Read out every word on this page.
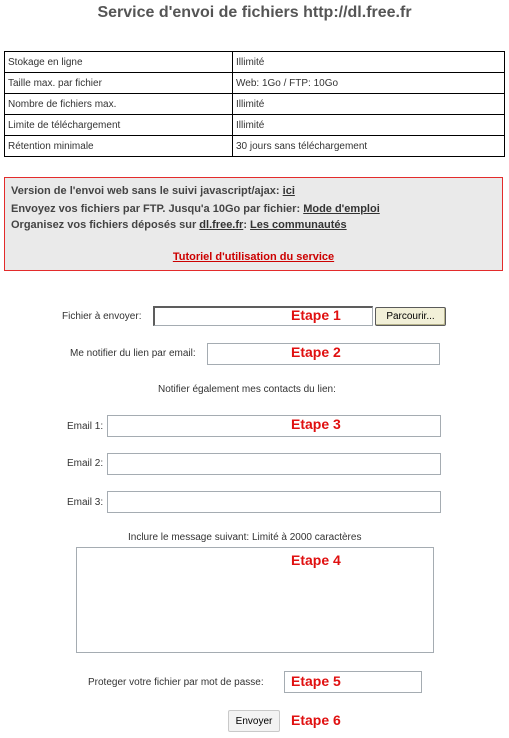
Service d'envoi de fichiers http://dl.free.fr
Stokage en ligne	Illimité
Taille max. par fichier	Web: 1Go / FTP: 10Go
Nombre de fichiers max.	Illimité
Limite de téléchargement	Illimité
Rétention minimale	30 jours sans téléchargement
Version de l'envoi web sans le suivi javascript/ajax: ici
Envoyez vos fichiers par FTP. Jusqu'a 10Go par fichier: Mode d'emploi
Organisez vos fichiers déposés sur dl.free.fr: Les communautés
Tutoriel d'utilisation du service
Fichier à envoyer:	Parcourir...
Etape 1
Me notifier du lien par email:	Etape 2
Notifier également mes contacts du lien:
Email 1:	Etape 3
Email 2:
Email 3:
Inclure le message suivant: Limité à 2000 caractères
Etape 4
Proteger votre fichier par mot de passe: Etape 5
Envoyer	Etape 6
